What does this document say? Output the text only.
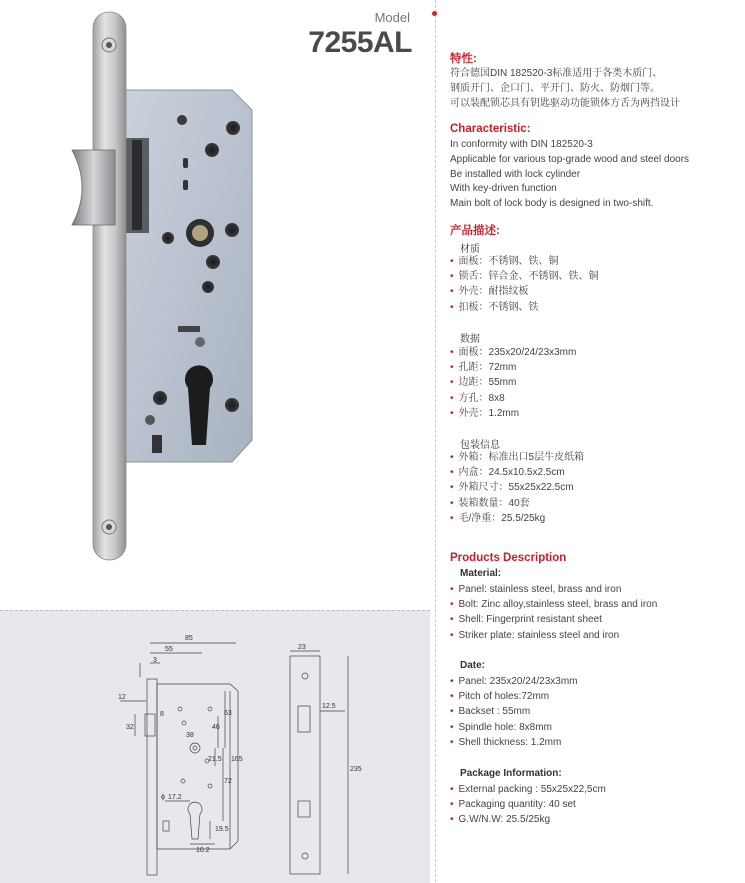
Model
7255AL
85
55
3
12
32
8
38
46
63
165
21.5
72
ϕ 17.2
19.5
10.2
23
12.5
235
特性:
符合德国DIN 182520-3标准适用于各类木质门、
钢质开门、企口门、平开门、防火、防烟门等。
可以装配锁芯具有钥匙驱动功能锁体方舌为两挡设计
Characteristic:
In conformity with DIN 182520-3
Applicable for various top-grade wood and steel doors
Be installed with lock cylinder
With key-driven function
Main bolt of lock body is designed in two-shift.
产品描述:
材质
• 面板：不锈钢、铁、铜
• 锁舌：锌合金、不锈钢、铁、铜
• 外壳：耐指纹板
• 扣板：不锈钢、铁
数据
• 面板：235x20/24/23x3mm
• 孔距：72mm
• 边距：55mm
• 方孔：8x8
• 外壳：1.2mm
包装信息
• 外箱：标准出口5层牛皮纸箱
• 内盒：24.5x10.5x2.5cm
• 外箱尺寸：55x25x22.5cm
• 装箱数量：40套
• 毛/净重：25.5/25kg
Products Description
Material:
• Panel: stainless steel, brass and iron
• Bolt: Zinc alloy,stainless steel, brass and iron
• Shell: Fingerprint resistant sheet
• Striker plate: stainless steel and iron
Date:
• Panel: 235x20/24/23x3mm
• Pitch of holes:72mm
• Backset : 55mm
• Spindle hole: 8x8mm
• Shell thickness: 1.2mm
Package Information:
• External packing : 55x25x22,5cm
• Packaging quantity: 40 set
• G.W/N.W: 25.5/25kg
